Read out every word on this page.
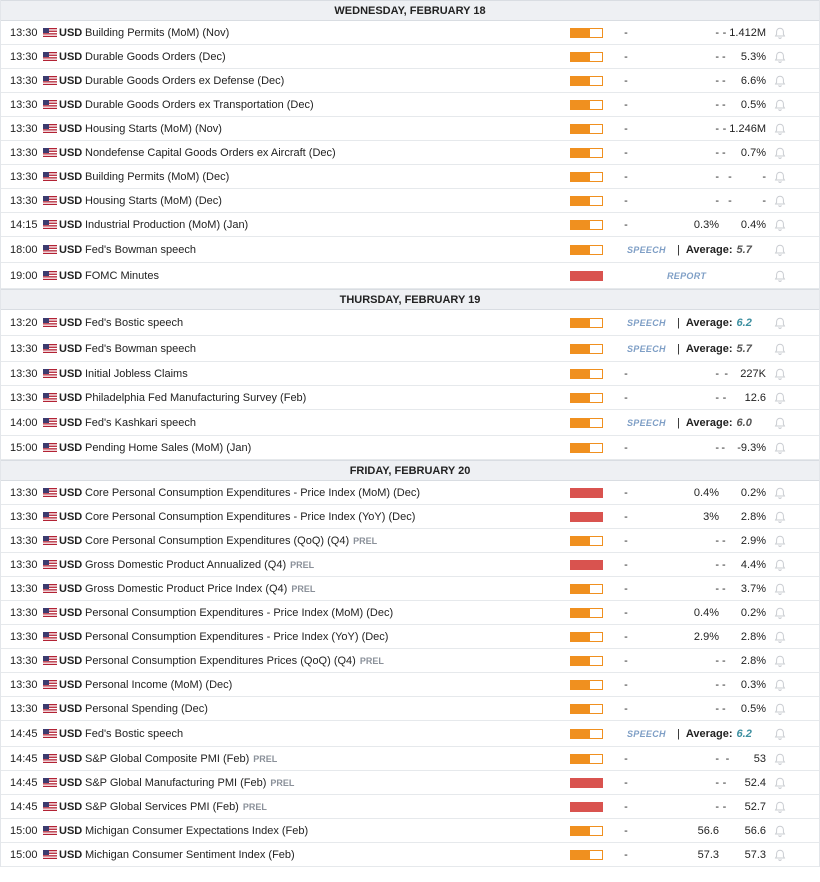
WEDNESDAY, FEBRUARY 18
13:30	USD Building Permits (MoM) (Nov)	-	- - 1.412M
13:30	USD Durable Goods Orders (Dec)	-	- -     5.3%
13:30	USD Durable Goods Orders ex Defense (Dec)	-	- -     6.6%
13:30	USD Durable Goods Orders ex Transportation (Dec)	-	- -     0.5%
13:30	USD Housing Starts (MoM) (Nov)	-	- - 1.246M
13:30	USD Nondefense Capital Goods Orders ex Aircraft (Dec)	-	- -     0.7%
13:30	USD Building Permits (MoM) (Dec)	-	- -          -
13:30	USD Housing Starts (MoM) (Dec)	-	- -          -
14:15	USD Industrial Production (MoM) (Jan)	-	0.3%	0.4%
18:00	USD Fed's Bowman speech	SPEECH | Average: 5.7
19:00	USD FOMC Minutes	REPORT
THURSDAY, FEBRUARY 19
13:20	USD Fed's Bostic speech	SPEECH | Average: 6.2
13:30	USD Fed's Bowman speech	SPEECH | Average: 5.7
13:30	USD Initial Jobless Claims	-	- -    227K
13:30	USD Philadelphia Fed Manufacturing Survey (Feb)	-	- -      12.6
14:00	USD Fed's Kashkari speech	SPEECH | Average: 6.0
15:00	USD Pending Home Sales (MoM) (Jan)	-	- -    -9.3%
FRIDAY, FEBRUARY 20
13:30	USD Core Personal Consumption Expenditures - Price Index (MoM) (Dec)	-	0.4%	0.2%
13:30	USD Core Personal Consumption Expenditures - Price Index (YoY) (Dec)	-	3%	2.8%
13:30	USD Core Personal Consumption Expenditures (QoQ) (Q4) PREL	-	- -     2.9%
13:30	USD Gross Domestic Product Annualized (Q4) PREL	-	- -     4.4%
13:30	USD Gross Domestic Product Price Index (Q4) PREL	-	- -     3.7%
13:30	USD Personal Consumption Expenditures - Price Index (MoM) (Dec)	-	0.4%	0.2%
13:30	USD Personal Consumption Expenditures - Price Index (YoY) (Dec)	-	2.9%	2.8%
13:30	USD Personal Consumption Expenditures Prices (QoQ) (Q4) PREL	-	- -     2.8%
13:30	USD Personal Income (MoM) (Dec)	-	- -     0.3%
13:30	USD Personal Spending (Dec)	-	- -     0.5%
14:45	USD Fed's Bostic speech	SPEECH | Average: 6.2
14:45	USD S&P Global Composite PMI (Feb) PREL	-	- -        53
14:45	USD S&P Global Manufacturing PMI (Feb) PREL	-	- -      52.4
14:45	USD S&P Global Services PMI (Feb) PREL	-	- -      52.7
15:00	USD Michigan Consumer Expectations Index (Feb)	-	56.6	56.6
15:00	USD Michigan Consumer Sentiment Index (Feb)	-	57.3	57.3
